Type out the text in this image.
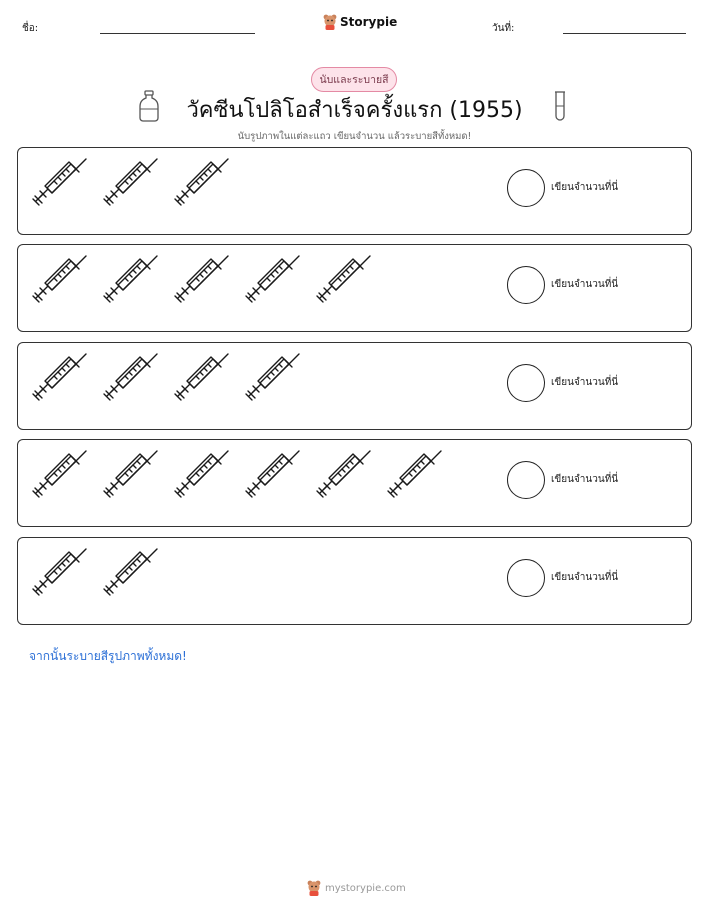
ชื่อ:	Storypie	วันที่:
นับและระบายสี
วัคซีนโปลิโอสำเร็จครั้งแรก (1955)
นับรูปภาพในแต่ละแถว เขียนจำนวน แล้วระบายสีทั้งหมด!
เขียนจำนวนที่นี่
เขียนจำนวนที่นี่
เขียนจำนวนที่นี่
เขียนจำนวนที่นี่
เขียนจำนวนที่นี่
จากนั้นระบายสีรูปภาพทั้งหมด!
mystorypie.com
